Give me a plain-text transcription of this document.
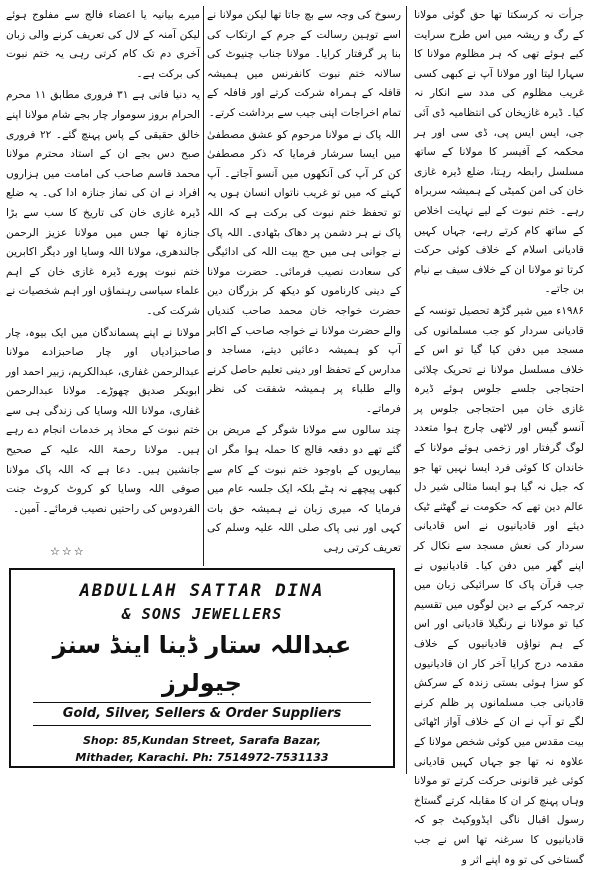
جرأت نہ کرسکتا تھا حق گوئی مولانا کے رگ و ریشہ میں اس طرح سرایت کیے ہوئے تھی کہ ہر مظلوم مولانا کا سہارا لیتا اور مولانا آپ نے کبھی کسی غریب مظلوم کی مدد سے انکار نہ کیا۔ ڈیرہ غازیخان کی انتظامیہ ڈی آئی جی، ایس ایس پی، ڈی سی اور ہر محکمہ کے آفیسر کا مولانا کے ساتھ مسلسل رابطہ رہتا، ضلع ڈیرہ غازی خان کی امن کمیٹی کے ہمیشہ سربراہ رہے۔ ختم نبوت کے لیے نہایت اخلاص کے ساتھ کام کرتے رہے، جہاں کہیں قادیانی اسلام کے خلاف کوئی حرکت کرتا تو مولانا ان کے خلاف سیف بے نیام بن جاتے۔

۱۹۸۶ء میں شیر گڑھ تحصیل تونسہ کے قادیانی سردار کو جب مسلمانوں کی مسجد میں دفن کیا گیا تو اس کے خلاف مسلسل مولانا نے تحریک چلائی احتجاجی جلسے جلوس ہوئے ڈیرہ غازی خان میں احتجاجی جلوس پر آنسو گیس اور لاٹھی چارج ہوا متعدد لوگ گرفتار اور زخمی ہوئے مولانا کے خاندان کا کوئی فرد ایسا نہیں تھا جو کہ جیل نہ گیا ہو ایسا مثالی شیر دل عالم دین تھے کہ حکومت نے گھٹنے ٹیک دیئے اور قادیانیوں نے اس قادیانی سردار کی نعش مسجد سے نکال کر اپنے گھر میں دفن کیا۔ قادیانیوں نے جب قرآن پاک کا سرائیکی زبان میں ترجمہ کرکے بے دین لوگوں میں تقسیم کیا تو مولانا نے رنگیلا قادیانی اور اس کے ہم نواؤں قادیانیوں کے خلاف مقدمہ درج کرایا آخر کار ان قادیانیوں کو سزا ہوئی بستی زندہ کے سرکش قادیانی جب مسلمانوں پر ظلم کرنے لگے تو آپ نے ان کے خلاف آواز اٹھائی بیت مقدس میں کوئی شخص مولانا کے علاوہ نہ تھا جو جہاں کہیں قادیانی کوئی غیر قانونی حرکت کرتے تو مولانا وہاں پہنچ کر ان کا مقابلہ کرتے گستاخ رسول اقبال ناگی ایڈووکیٹ جو کہ قادیانیوں کا سرغنہ تھا اس نے جب گستاخی کی تو وہ اپنے اثر و

رسوخ کی وجہ سے بچ جاتا تھا لیکن مولانا نے اسے توہین رسالت کے جرم کے ارتکاب کی بنا پر گرفتار کرایا۔ مولانا جناب چنیوٹ کی سالانہ ختم نبوت کانفرنس میں ہمیشہ قافلہ کے ہمراہ شرکت کرتے اور قافلہ کے تمام اخراجات اپنی جیب سے برداشت کرتے۔

اللہ پاک نے مولانا مرحوم کو عشق مصطفیٰ میں ایسا سرشار فرمایا کہ ذکر مصطفیٰ کن کر آپ کی آنکھوں میں آنسو آجاتے۔ آپ کہتے کہ میں تو غریب ناتواں انسان ہوں یہ تو تحفظ ختم نبوت کی برکت ہے کہ اللہ پاک نے ہر دشمن پر دھاک بٹھادی۔ اللہ پاک نے جوانی ہی میں حج بیت اللہ کی ادائیگی کی سعادت نصیب فرمائی۔ حضرت مولانا کے دینی کارناموں کو دیکھ کر بزرگان دین حضرت خواجہ خان محمد صاحب کندیاں والے حضرت مولانا نے خواجہ صاحب کے اکابر آپ کو ہمیشہ دعائیں دیتے، مساجد و مدارس کے تحفظ اور دینی تعلیم حاصل کرنے والے طلباء پر ہمیشہ شفقت کی نظر فرماتے۔

چند سالوں سے مولانا شوگر کے مریض بن گئے تھے دو دفعہ فالج کا حملہ ہوا مگر ان بیماریوں کے باوجود ختم نبوت کے کام سے کبھی پیچھے نہ ہٹے بلکہ ایک جلسہ عام میں فرمایا کہ میری زبان نے ہمیشہ حق بات کہی اور نبی پاک صلی اللہ علیہ وسلم کی تعریف کرتی رہی

میرے بیانیہ یا اعضاء فالج سے مفلوج ہوئے لیکن آمنہ کے لال کی تعریف کرنے والی زبان آخری دم تک کام کرتی رہی یہ ختم نبوت کی برکت ہے۔

یہ دنیا فانی ہے ۳۱ فروری مطابق ۱۱ محرم الحرام بروز سوموار چار بجے شام مولانا اپنے خالق حقیقی کے پاس پہنچ گئے۔ ۲۲ فروری صبح دس بجے ان کے استاد محترم مولانا محمد قاسم صاحب کی امامت میں ہزاروں افراد نے ان کی نماز جنازہ ادا کی۔ یہ ضلع ڈیرہ غازی خان کی تاریخ کا سب سے بڑا جنازہ تھا جس میں مولانا عزیز الرحمن جالندھری، مولانا اللہ وسایا اور دیگر اکابرین ختم نبوت پورے ڈیرہ غازی خان کے اہم علماء سیاسی رہنماؤں اور اہم شخصیات نے شرکت کی۔

مولانا نے اپنے پسماندگان میں ایک بیوہ، چار صاحبزادیاں اور چار صاحبزادے مولانا عبدالرحمن غفاری، عبدالکریم، زبیر احمد اور ابوبکر صدیق چھوڑے۔ مولانا عبدالرحمن غفاری، مولانا اللہ وسایا کی زندگی ہی سے ختم نبوت کے محاذ پر خدمات انجام دے رہے ہیں۔ مولانا رحمۃ اللہ علیہ کے صحیح جانشین ہیں۔ دعا ہے کہ اللہ پاک مولانا صوفی اللہ وسایا کو کروٹ کروٹ جنت الفردوس کی راحتیں نصیب فرمائے۔ آمین۔

☆☆☆
ABDULLAH SATTAR DINA
& SONS JEWELLERS
عبداللہ ستار ڈینا اینڈ سنز جیولرز
Gold, Silver, Sellers & Order Suppliers
Shop: 85,Kundan Street, Sarafa Bazar,
Mithader, Karachi. Ph: 7514972-7531133
